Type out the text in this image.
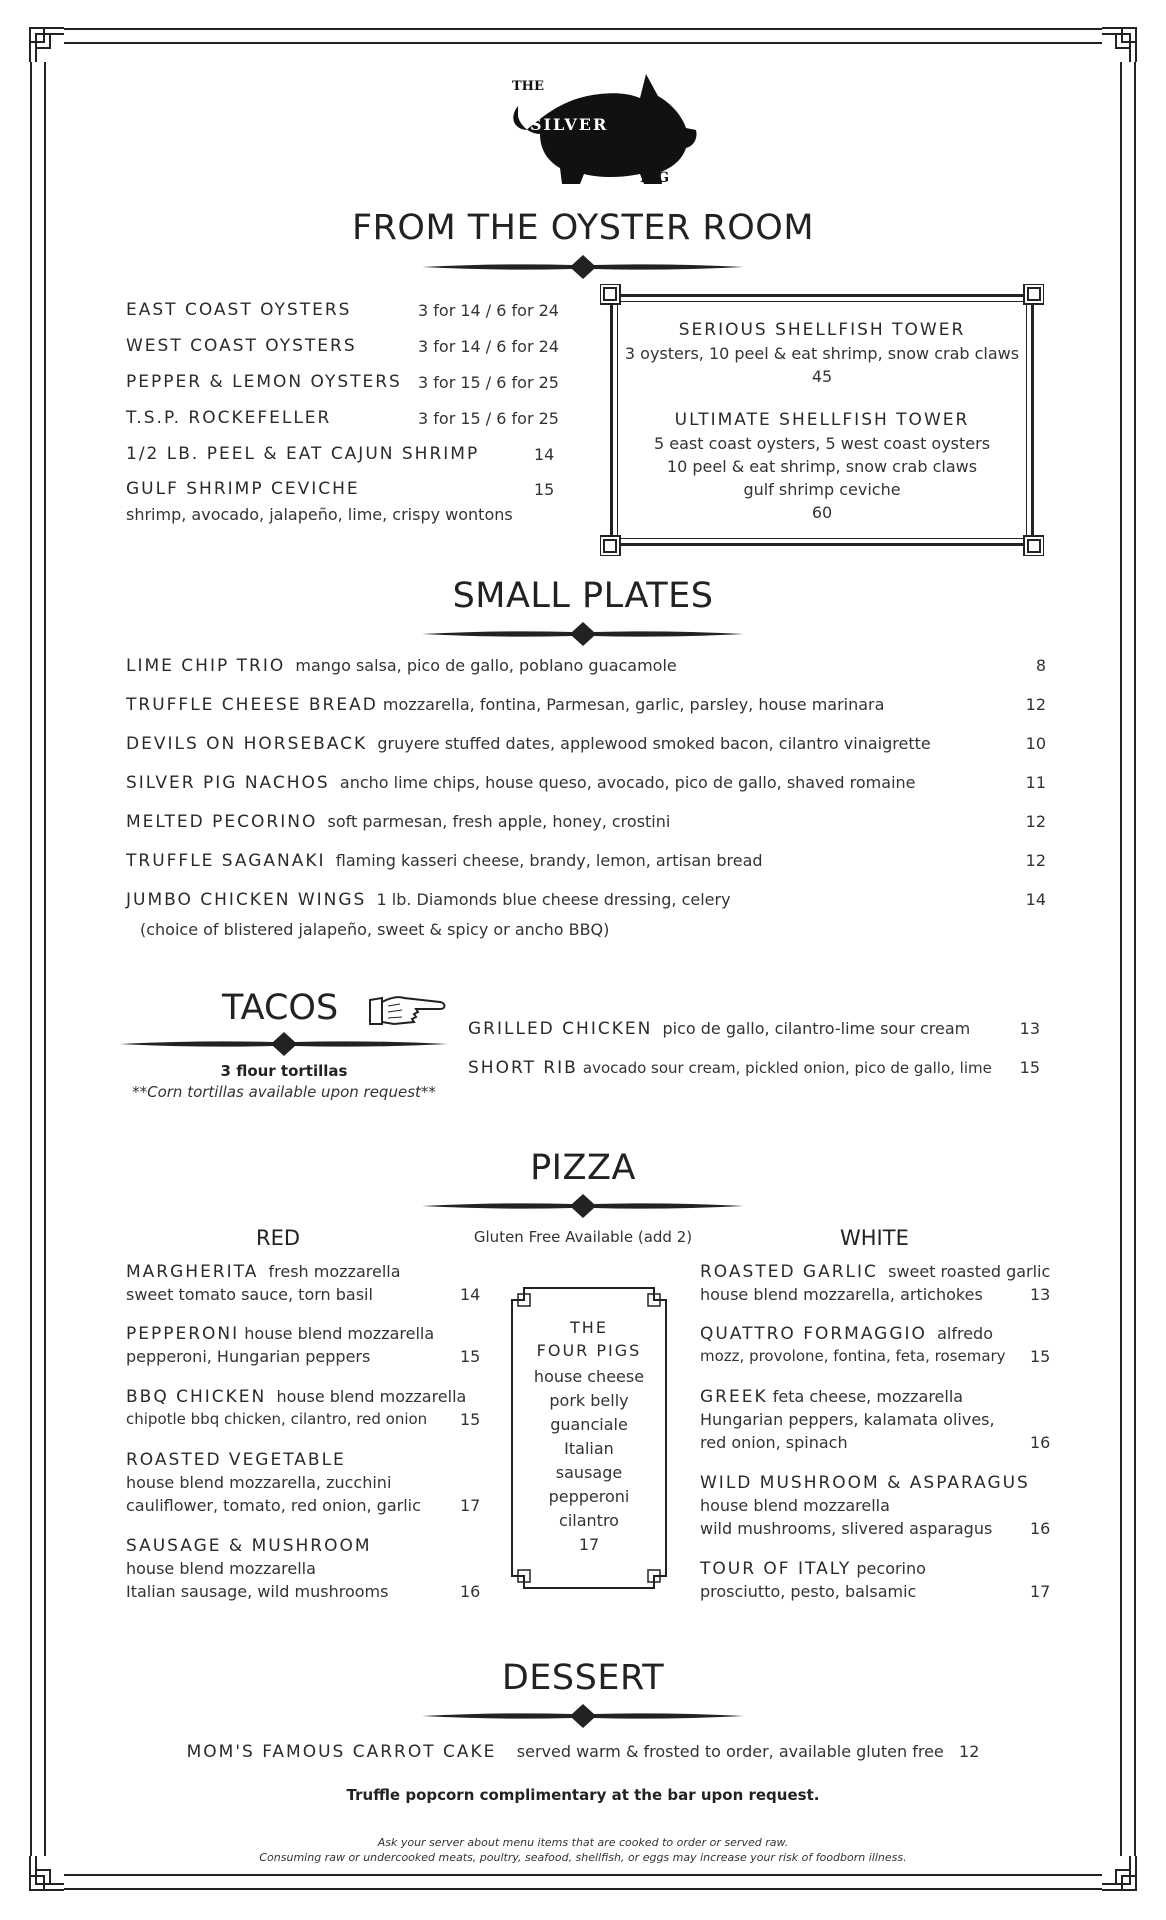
THE
SILVER
PIG
FROM THE OYSTER ROOM
EAST COAST OYSTERS	3 for 14 / 6 for 24
WEST COAST OYSTERS	3 for 14 / 6 for 24
PEPPER & LEMON OYSTERS 3 for 15 / 6 for 25
T.S.P. ROCKEFELLER	3 for 15 / 6 for 25
1/2 LB. PEEL & EAT CAJUN SHRIMP	14
GULF SHRIMP CEVICHE	15
shrimp, avocado, jalapeño, lime, crispy wontons
SERIOUS SHELLFISH TOWER
3 oysters, 10 peel & eat shrimp, snow crab claws
45
ULTIMATE SHELLFISH TOWER
5 east coast oysters, 5 west coast oysters
10 peel & eat shrimp, snow crab claws
gulf shrimp ceviche
60
SMALL PLATES
LIME CHIP TRIO mango salsa, pico de gallo, poblano guacamole	8
TRUFFLE CHEESE BREAD mozzarella, fontina, Parmesan, garlic, parsley, house marinara	12
DEVILS ON HORSEBACK gruyere stuffed dates, applewood smoked bacon, cilantro vinaigrette	10
SILVER PIG NACHOS ancho lime chips, house queso, avocado, pico de gallo, shaved romaine	11
MELTED PECORINO soft parmesan, fresh apple, honey, crostini	12
TRUFFLE SAGANAKI flaming kasseri cheese, brandy, lemon, artisan bread	12
JUMBO CHICKEN WINGS 1 lb. Diamonds blue cheese dressing, celery	14
(choice of blistered jalapeño, sweet & spicy or ancho BBQ)
TACOS
3 flour tortillas
**Corn tortillas available upon request**
GRILLED CHICKEN pico de gallo, cilantro-lime sour cream	13
SHORT RIB avocado sour cream, pickled onion, pico de gallo, lime 15
PIZZA
RED	Gluten Free Available (add 2)	WHITE
MARGHERITA fresh mozzarella
sweet tomato sauce, torn basil	14
PEPPERONI house blend mozzarella
pepperoni, Hungarian peppers	15
BBQ CHICKEN house blend mozzarella
chipotle bbq chicken, cilantro, red onion 15
ROASTED VEGETABLE
house blend mozzarella, zucchini
cauliflower, tomato, red onion, garlic 17
SAUSAGE & MUSHROOM
house blend mozzarella
Italian sausage, wild mushrooms	16
THE
FOUR PIGS
house cheese
pork belly
guanciale
Italian
sausage
pepperoni
cilantro
17
ROASTED GARLIC sweet roasted garlic
house blend mozzarella, artichokes	13
QUATTRO FORMAGGIO alfredo
mozz, provolone, fontina, feta, rosemary 15
GREEK feta cheese, mozzarella
Hungarian peppers, kalamata olives,
red onion, spinach	16
WILD MUSHROOM & ASPARAGUS
house blend mozzarella
wild mushrooms, slivered asparagus 16
TOUR OF ITALY pecorino
prosciutto, pesto, balsamic	17
DESSERT
MOM'S FAMOUS CARROT CAKE served warm & frosted to order, available gluten free 12
Truffle popcorn complimentary at the bar upon request.
Ask your server about menu items that are cooked to order or served raw.
Consuming raw or undercooked meats, poultry, seafood, shellfish, or eggs may increase your risk of foodborn illness.
